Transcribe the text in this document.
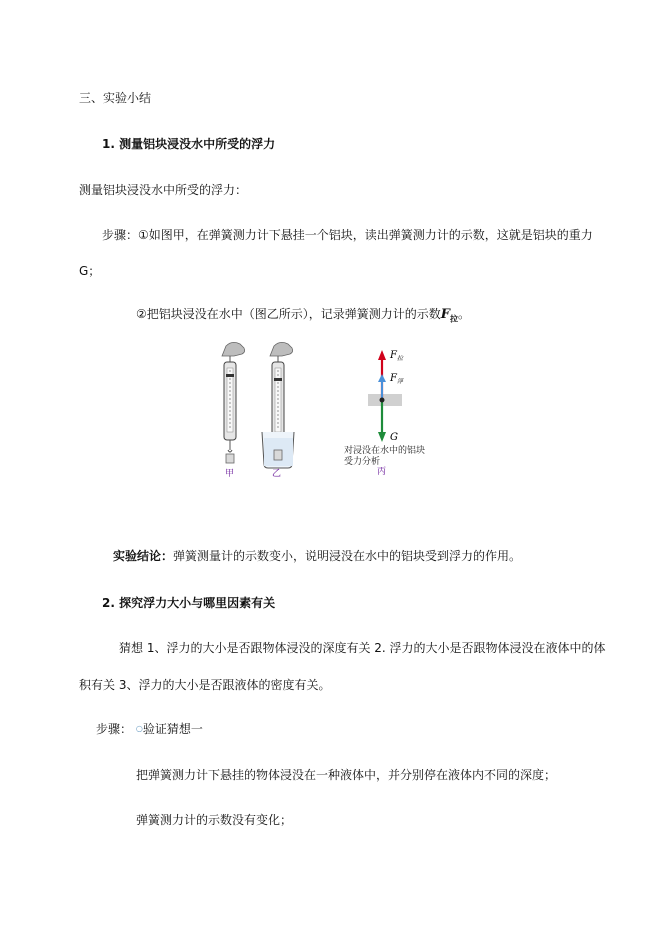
三、实验小结
1. 测量铝块浸没水中所受的浮力
测量铝块浸没水中所受的浮力：
步骤：①如图甲，在弹簧测力计下悬挂一个铝块，读出弹簧测力计的示数，这就是铝块的重力
G；
②把铝块浸没在水中（图乙所示），记录弹簧测力计的示数$F_拉$。
$F_拉$
$F_浮$
G
对浸没在水中的铝块
受力分析
甲	乙	丙
实验结论：弹簧测量计的示数变小，说明浸没在水中的铝块受到浮力的作用。
2. 探究浮力大小与哪里因素有关
猜想 1、浮力的大小是否跟物体浸没的深度有关 2. 浮力的大小是否跟物体浸没在液体中的体
积有关 3、浮力的大小是否跟液体的密度有关。
步骤： ○验证猜想一
把弹簧测力计下悬挂的物体浸没在一种液体中，并分别停在液体内不同的深度；
弹簧测力计的示数没有变化；
